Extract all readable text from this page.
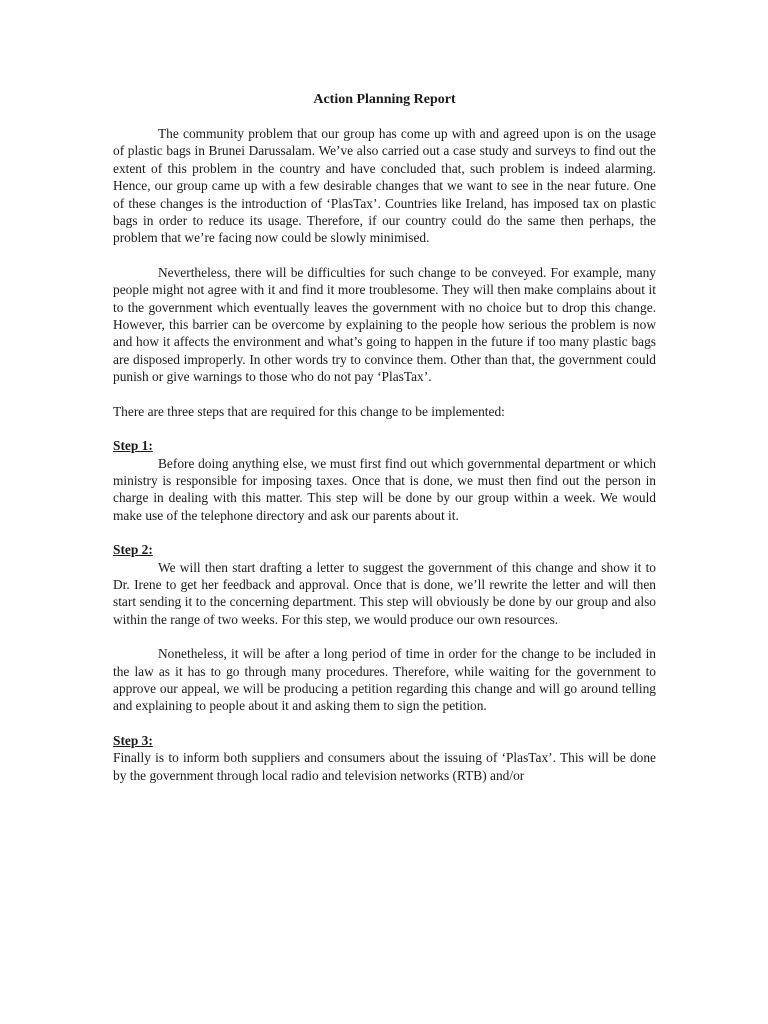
Action Planning Report

The community problem that our group has come up with and agreed upon is on the usage of plastic bags in Brunei Darussalam. We’ve also carried out a case study and surveys to find out the extent of this problem in the country and have concluded that, such problem is indeed alarming. Hence, our group came up with a few desirable changes that we want to see in the near future. One of these changes is the introduction of ‘PlasTax’. Countries like Ireland, has imposed tax on plastic bags in order to reduce its usage. Therefore, if our country could do the same then perhaps, the problem that we’re facing now could be slowly minimised.

Nevertheless, there will be difficulties for such change to be conveyed. For example, many people might not agree with it and find it more troublesome. They will then make complains about it to the government which eventually leaves the government with no choice but to drop this change. However, this barrier can be overcome by explaining to the people how serious the problem is now and how it affects the environment and what’s going to happen in the future if too many plastic bags are disposed improperly. In other words try to convince them. Other than that, the government could punish or give warnings to those who do not pay ‘PlasTax’.

There are three steps that are required for this change to be implemented:

Step 1:

Before doing anything else, we must first find out which governmental department or which ministry is responsible for imposing taxes. Once that is done, we must then find out the person in charge in dealing with this matter. This step will be done by our group within a week. We would make use of the telephone directory and ask our parents about it.

Step 2:

We will then start drafting a letter to suggest the government of this change and show it to Dr. Irene to get her feedback and approval. Once that is done, we’ll rewrite the letter and will then start sending it to the concerning department. This step will obviously be done by our group and also within the range of two weeks. For this step, we would produce our own resources.

Nonetheless, it will be after a long period of time in order for the change to be included in the law as it has to go through many procedures. Therefore, while waiting for the government to approve our appeal, we will be producing a petition regarding this change and will go around telling and explaining to people about it and asking them to sign the petition.

Step 3:

Finally is to inform both suppliers and consumers about the issuing of ‘PlasTax’. This will be done by the government through local radio and television networks (RTB) and/or
